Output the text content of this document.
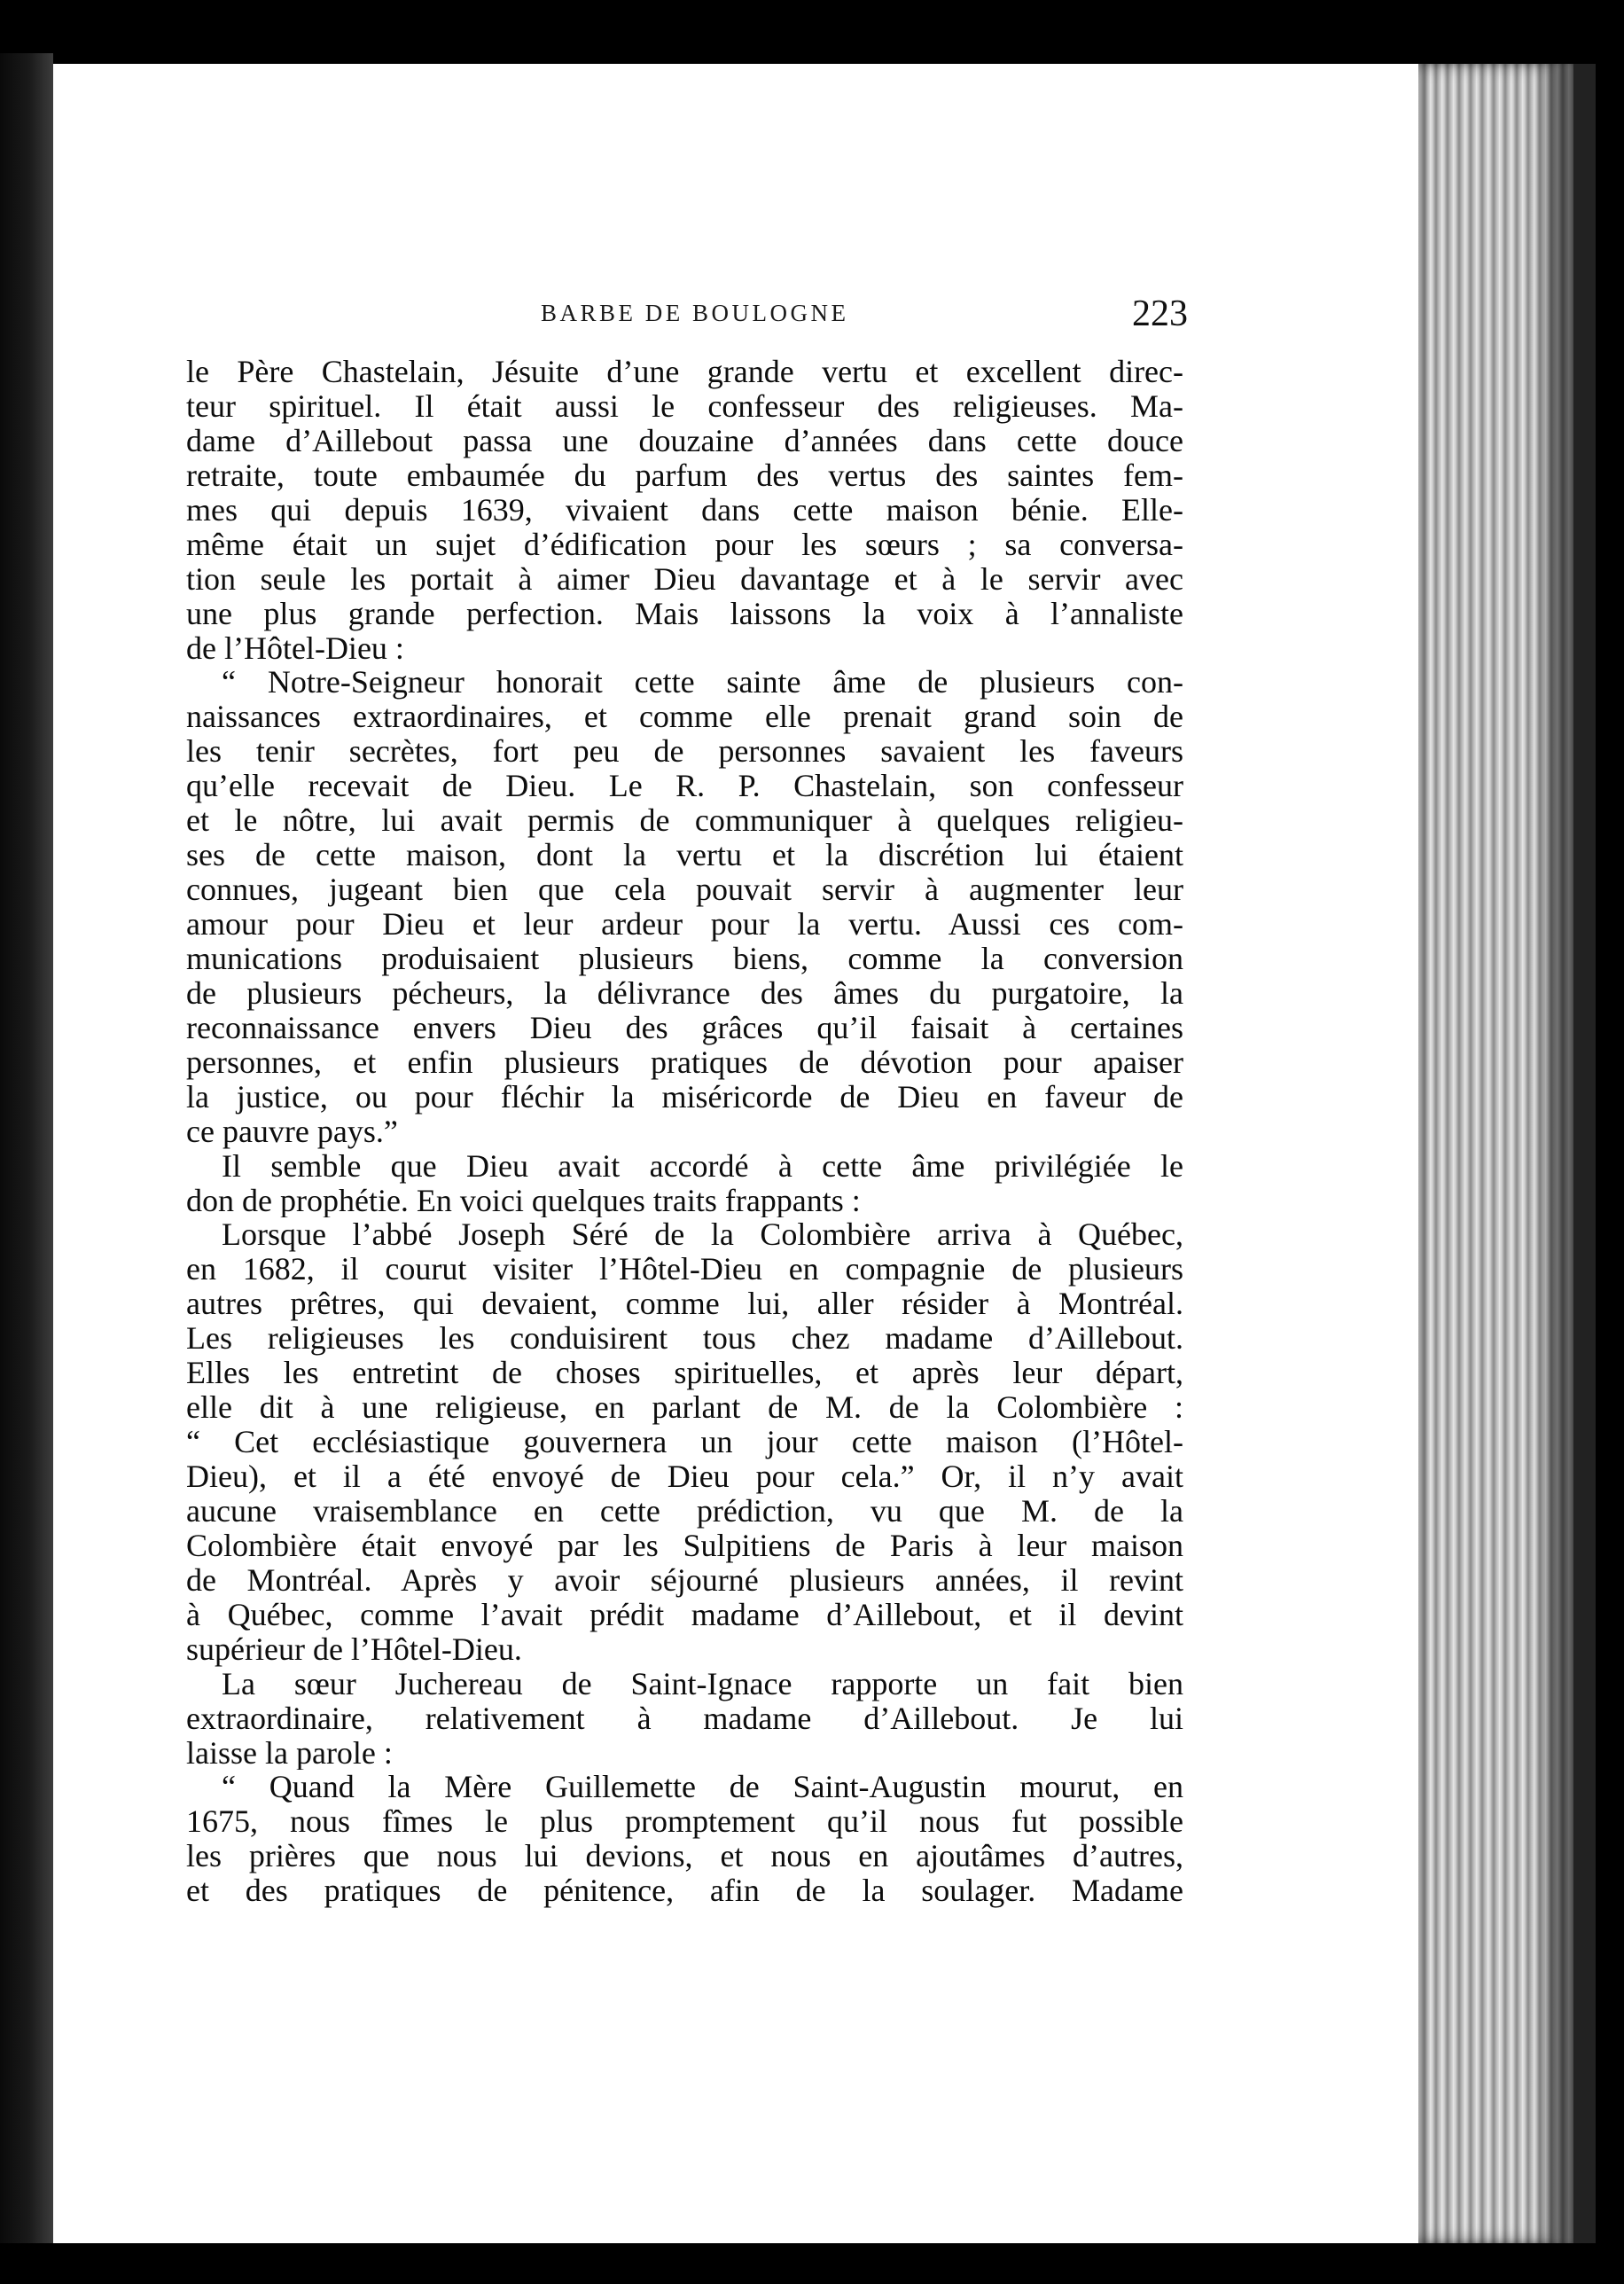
BARBE DE BOULOGNE	223
le Père Chastelain, Jésuite d’une grande vertu et excellent direc-
teur spirituel. Il était aussi le confesseur des religieuses. Ma-
dame d’Aillebout passa une douzaine d’années dans cette douce
retraite, toute embaumée du parfum des vertus des saintes fem-
mes qui depuis 1639, vivaient dans cette maison bénie. Elle-
même était un sujet d’édification pour les sœurs ; sa conversa-
tion seule les portait à aimer Dieu davantage et à le servir avec
une plus grande perfection. Mais laissons la voix à l’annaliste
de l’Hôtel-Dieu :
“ Notre-Seigneur honorait cette sainte âme de plusieurs con-
naissances extraordinaires, et comme elle prenait grand soin de
les tenir secrètes, fort peu de personnes savaient les faveurs
qu’elle recevait de Dieu. Le R. P. Chastelain, son confesseur
et le nôtre, lui avait permis de communiquer à quelques religieu-
ses de cette maison, dont la vertu et la discrétion lui étaient
connues, jugeant bien que cela pouvait servir à augmenter leur
amour pour Dieu et leur ardeur pour la vertu. Aussi ces com-
munications produisaient plusieurs biens, comme la conversion
de plusieurs pécheurs, la délivrance des âmes du purgatoire, la
reconnaissance envers Dieu des grâces qu’il faisait à certaines
personnes, et enfin plusieurs pratiques de dévotion pour apaiser
la justice, ou pour fléchir la miséricorde de Dieu en faveur de
ce pauvre pays.”
Il semble que Dieu avait accordé à cette âme privilégiée le
don de prophétie. En voici quelques traits frappants :
Lorsque l’abbé Joseph Séré de la Colombière arriva à Québec,
en 1682, il courut visiter l’Hôtel-Dieu en compagnie de plusieurs
autres prêtres, qui devaient, comme lui, aller résider à Montréal.
Les religieuses les conduisirent tous chez madame d’Aillebout.
Elles les entretint de choses spirituelles, et après leur départ,
elle dit à une religieuse, en parlant de M. de la Colombière :
“ Cet ecclésiastique gouvernera un jour cette maison (l’Hôtel-
Dieu), et il a été envoyé de Dieu pour cela.” Or, il n’y avait
aucune vraisemblance en cette prédiction, vu que M. de la
Colombière était envoyé par les Sulpitiens de Paris à leur maison
de Montréal. Après y avoir séjourné plusieurs années, il revint
à Québec, comme l’avait prédit madame d’Aillebout, et il devint
supérieur de l’Hôtel-Dieu.
La sœur Juchereau de Saint-Ignace rapporte un fait bien
extraordinaire, relativement à madame d’Aillebout. Je lui
laisse la parole :
“ Quand la Mère Guillemette de Saint-Augustin mourut, en
1675, nous fîmes le plus promptement qu’il nous fut possible
les prières que nous lui devions, et nous en ajoutâmes d’autres,
et des pratiques de pénitence, afin de la soulager. Madame
